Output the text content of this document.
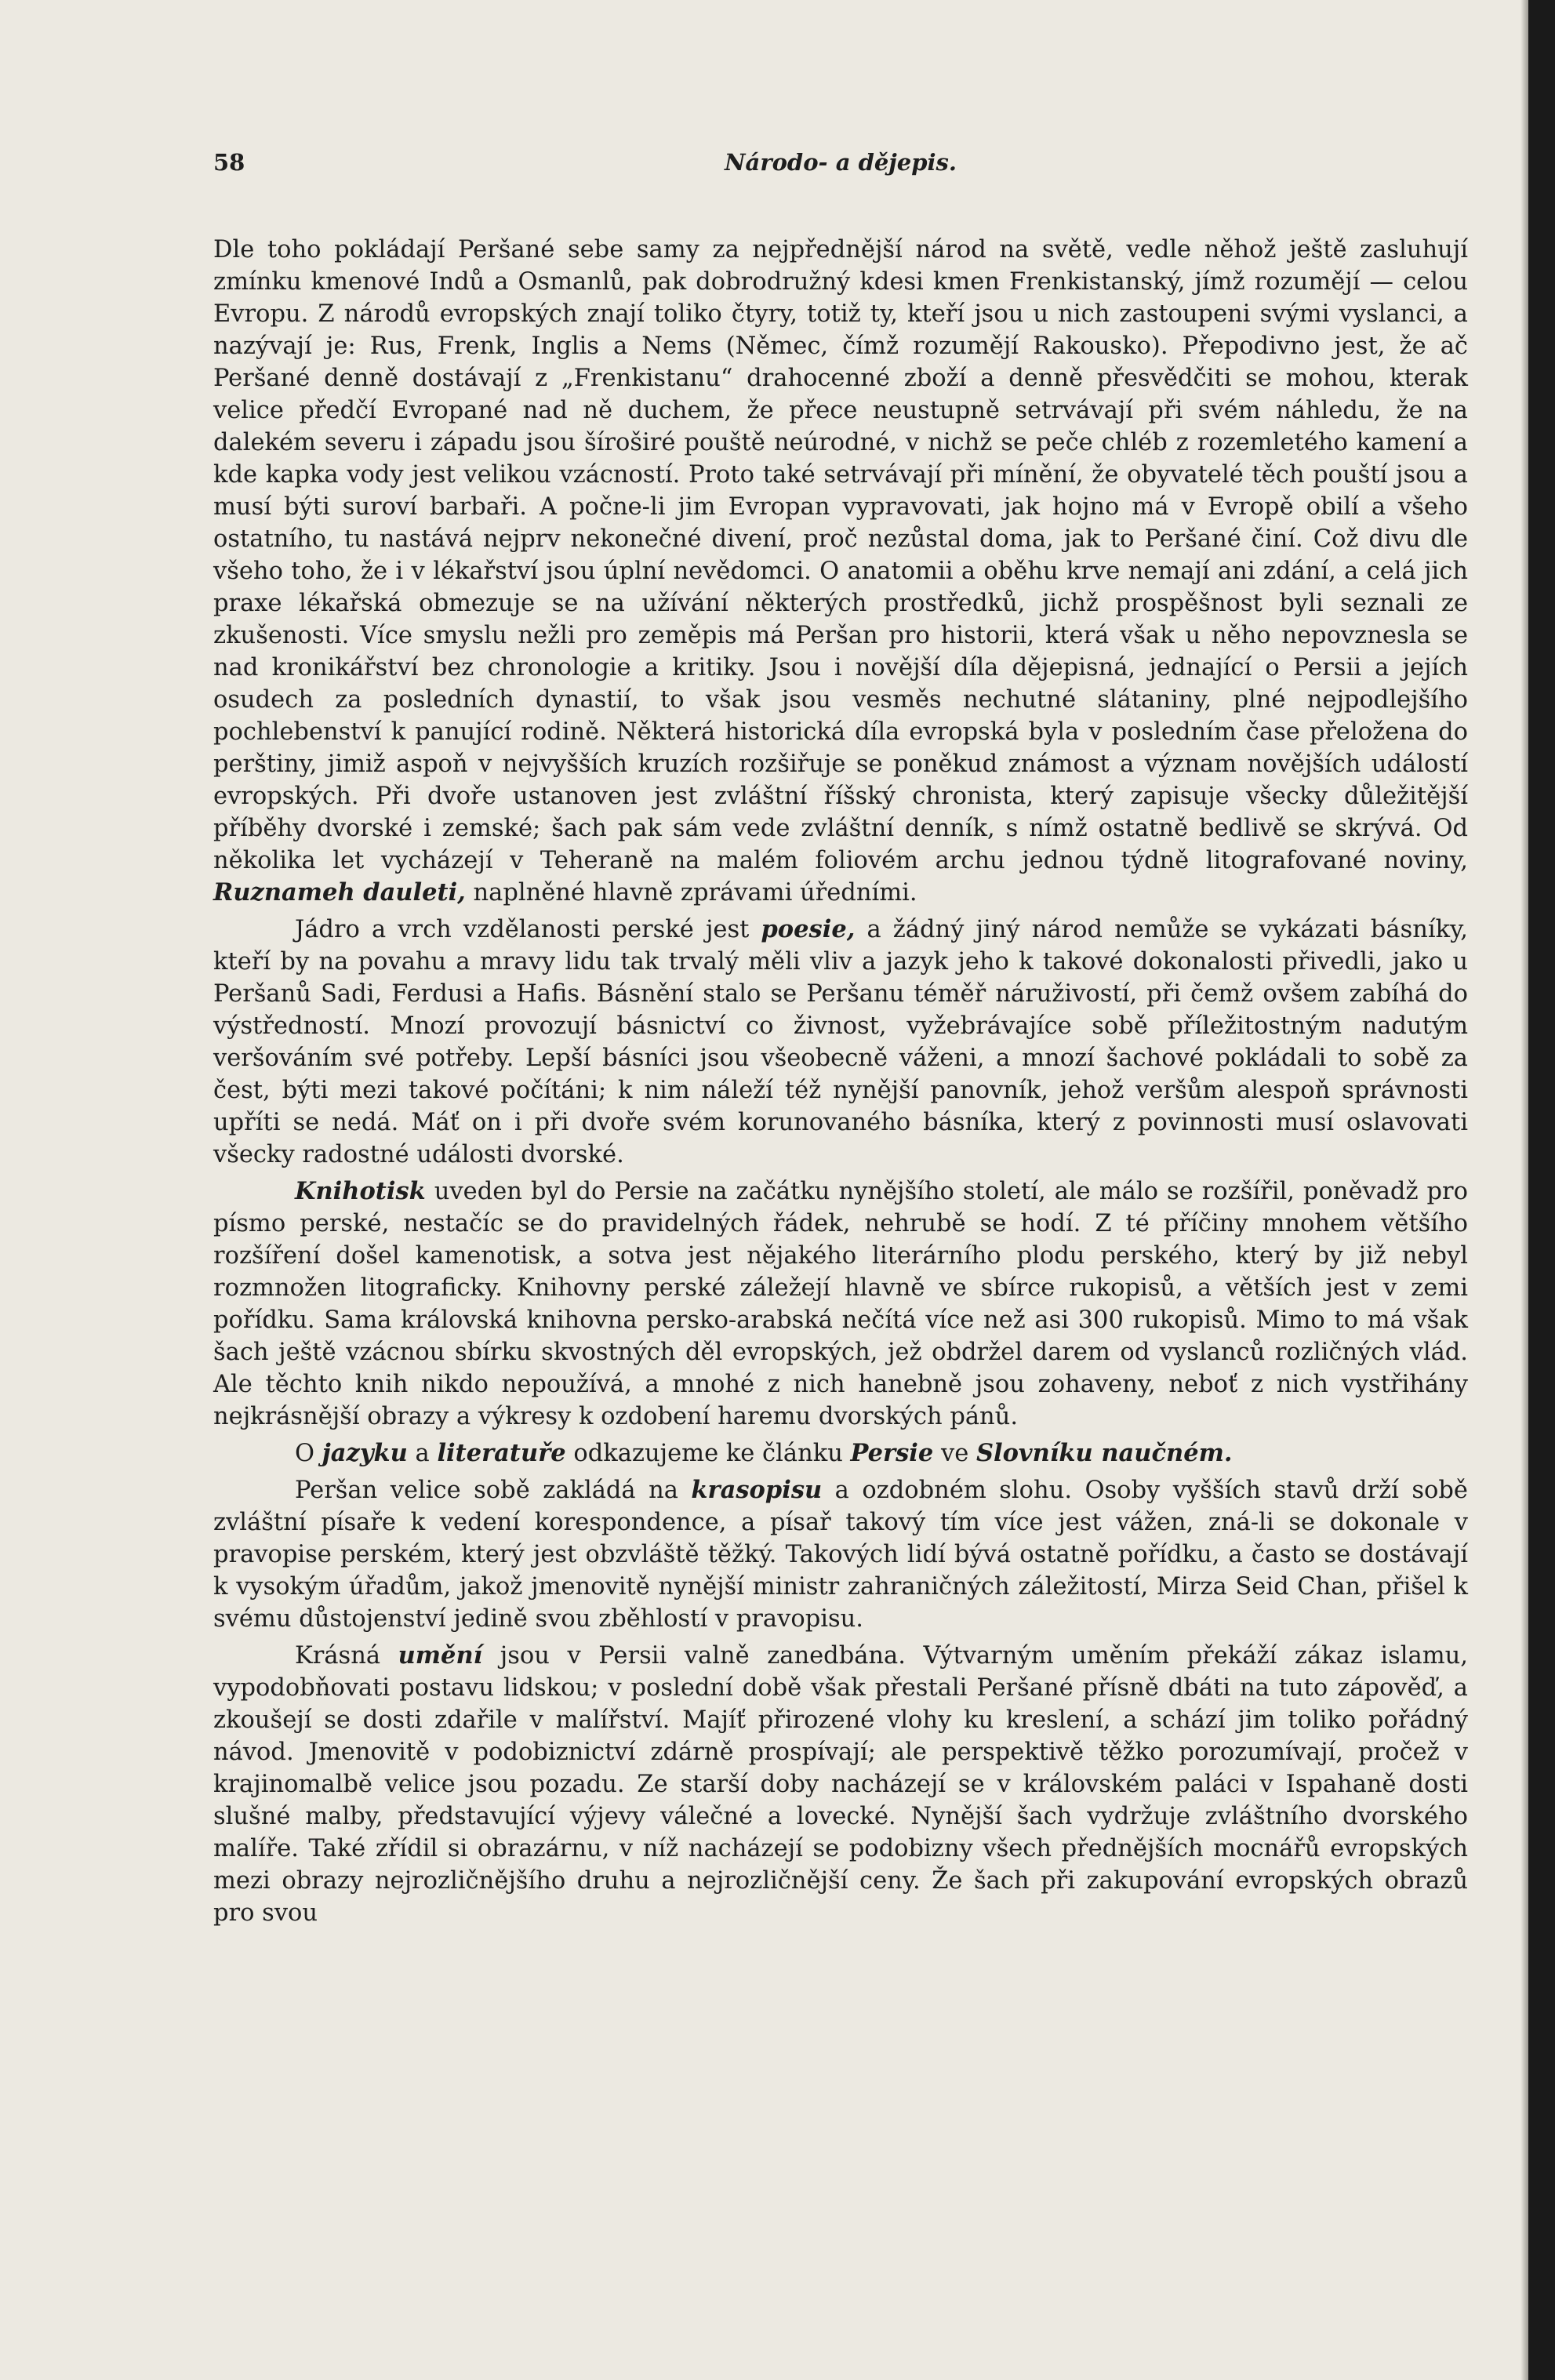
58	Národo- a dějepis.

Dle toho pokládají Peršané sebe samy za nejpřednější národ na světě, vedle něhož ještě zasluhují zmínku kmenové Indů a Osmanlů, pak dobrodružný kdesi kmen Frenkistanský, jímž rozumějí — celou Evropu. Z národů evropských znají toliko čtyry, totiž ty, kteří jsou u nich zastoupeni svými vyslanci, a nazývají je: Rus, Frenk, Inglis a Nems (Němec, čímž rozumějí Rakousko). Přepodivno jest, že ač Peršané denně dostávají z „Frenkistanu“ drahocenné zboží a denně přesvědčiti se mohou, kterak velice předčí Evropané nad ně duchem, že přece neustupně setrvávají při svém náhledu, že na dalekém severu i západu jsou šíroširé pouště neúrodné, v nichž se peče chléb z rozemletého kamení a kde kapka vody jest velikou vzácností. Proto také setrvávají při mínění, že obyvatelé těch pouští jsou a musí býti suroví barbaři. A počne-li jim Evropan vypravovati, jak hojno má v Evropě obilí a všeho ostatního, tu nastává nejprv nekonečné divení, proč nezůstal doma, jak to Peršané činí. Což divu dle všeho toho, že i v lékařství jsou úplní nevědomci. O anatomii a oběhu krve nemají ani zdání, a celá jich praxe lékařská obmezuje se na užívání některých prostředků, jichž prospěšnost byli seznali ze zkušenosti. Více smyslu nežli pro zeměpis má Peršan pro historii, která však u něho nepovznesla se nad kronikářství bez chronologie a kritiky. Jsou i novější díla dějepisná, jednající o Persii a jejích osudech za posledních dynastií, to však jsou vesměs nechutné slátaniny, plné nejpodlejšího pochlebenství k panující rodině. Některá historická díla evropská byla v posledním čase přeložena do perštiny, jimiž aspoň v nejvyšších kruzích rozšiřuje se poněkud známost a význam novějších událostí evropských. Při dvoře ustanoven jest zvláštní říšský chronista, který zapisuje všecky důležitější příběhy dvorské i zemské; šach pak sám vede zvláštní denník, s nímž ostatně bedlivě se skrývá. Od několika let vycházejí v Teheraně na malém foliovém archu jednou týdně litografované noviny, Ruznameh dauleti, naplněné hlavně zprávami úředními.

Jádro a vrch vzdělanosti perské jest poesie, a žádný jiný národ nemůže se vykázati básníky, kteří by na povahu a mravy lidu tak trvalý měli vliv a jazyk jeho k takové dokonalosti přivedli, jako u Peršanů Sadi, Ferdusi a Hafis. Básnění stalo se Peršanu téměř náruživostí, při čemž ovšem zabíhá do výstředností. Mnozí provozují básnictví co živnost, vyžebrávajíce sobě příležitostným nadutým veršováním své potřeby. Lepší básníci jsou všeobecně váženi, a mnozí šachové pokládali to sobě za čest, býti mezi takové počítáni; k nim náleží též nynější panovník, jehož veršům alespoň správnosti upříti se nedá. Máť on i při dvoře svém korunovaného básníka, který z povinnosti musí oslavovati všecky radostné události dvorské.

Knihotisk uveden byl do Persie na začátku nynějšího století, ale málo se rozšířil, poněvadž pro písmo perské, nestačíc se do pravidelných řádek, nehrubě se hodí. Z té příčiny mnohem většího rozšíření došel kamenotisk, a sotva jest nějakého literárního plodu perského, který by již nebyl rozmnožen litograficky. Knihovny perské záležejí hlavně ve sbírce rukopisů, a větších jest v zemi pořídku. Sama královská knihovna persko-arabská nečítá více než asi 300 rukopisů. Mimo to má však šach ještě vzácnou sbírku skvostných děl evropských, jež obdržel darem od vyslanců rozličných vlád. Ale těchto knih nikdo nepoužívá, a mnohé z nich hanebně jsou zohaveny, neboť z nich vystřihány nejkrásnější obrazy a výkresy k ozdobení haremu dvorských pánů.

O jazyku a literatuře odkazujeme ke článku Persie ve Slovníku naučném.

Peršan velice sobě zakládá na krasopisu a ozdobném slohu. Osoby vyšších stavů drží sobě zvláštní písaře k vedení korespondence, a písař takový tím více jest vážen, zná-li se dokonale v pravopise perském, který jest obzvláště těžký. Takových lidí bývá ostatně pořídku, a často se dostávají k vysokým úřadům, jakož jmenovitě nynější ministr zahraničných záležitostí, Mirza Seid Chan, přišel k svému důstojenství jedině svou zběhlostí v pravopisu.

Krásná umění jsou v Persii valně zanedbána. Výtvarným uměním překáží zákaz islamu, vypodobňovati postavu lidskou; v poslední době však přestali Peršané přísně dbáti na tuto zápověď, a zkoušejí se dosti zdařile v malířství. Majíť přirozené vlohy ku kreslení, a schází jim toliko pořádný návod. Jmenovitě v podobiznictví zdárně prospívají; ale perspektivě těžko porozumívají, pročež v krajinomalbě velice jsou pozadu. Ze starší doby nacházejí se v královském paláci v Ispahaně dosti slušné malby, představující výjevy válečné a lovecké. Nynější šach vydržuje zvláštního dvorského malíře. Také zřídil si obrazárnu, v níž nacházejí se podobizny všech přednějších mocnářů evropských mezi obrazy nejrozličnějšího druhu a nejrozličnější ceny. Že šach při zakupování evropských obrazů pro svou
